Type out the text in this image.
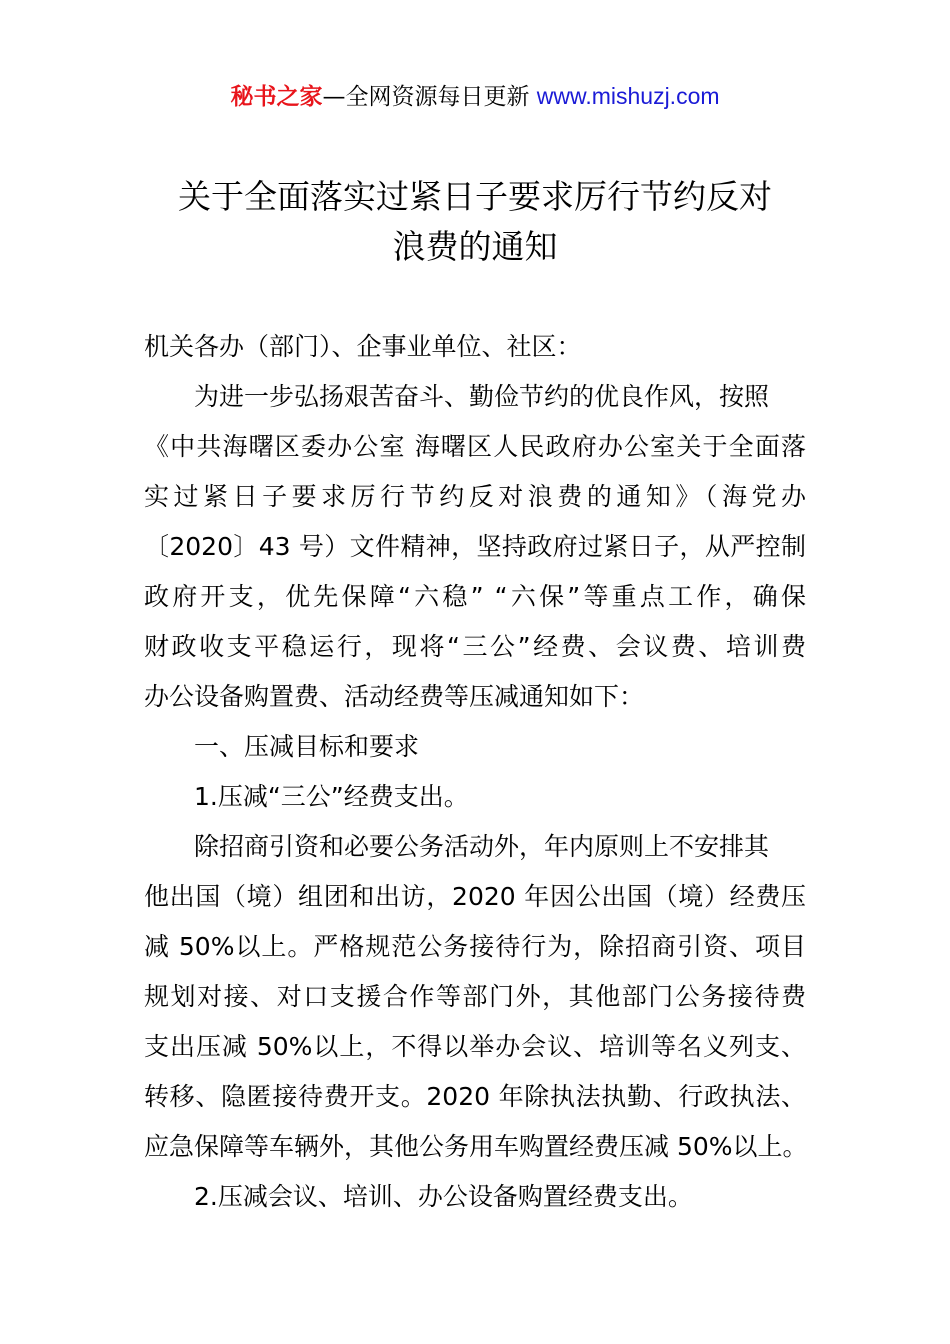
秘书之家—全网资源每日更新 www.mishuzj.com
关于全面落实过紧日子要求厉行节约反对
浪费的通知
机关各办（部门）、企事业单位、社区：
为进一步弘扬艰苦奋斗、勤俭节约的优良作风，按照
《中共海曙区委办公室 海曙区人民政府办公室关于全面落
实过紧日子要求厉行节约反对浪费的通知》（海党办
〔2020〕43 号）文件精神，坚持政府过紧日子，从严控制
政府开支，优先保障“六稳” “六保”等重点工作，确保
财政收支平稳运行，现将“三公”经费、会议费、培训费
办公设备购置费、活动经费等压减通知如下：
一、压减目标和要求
1.压减“三公”经费支出。
除招商引资和必要公务活动外，年内原则上不安排其
他出国（境）组团和出访，2020 年因公出国（境）经费压
减 50%以上。严格规范公务接待行为，除招商引资、项目
规划对接、对口支援合作等部门外，其他部门公务接待费
支出压减 50%以上，不得以举办会议、培训等名义列支、
转移、隐匿接待费开支。2020 年除执法执勤、行政执法、
应急保障等车辆外，其他公务用车购置经费压减 50%以上。
2.压减会议、培训、办公设备购置经费支出。
